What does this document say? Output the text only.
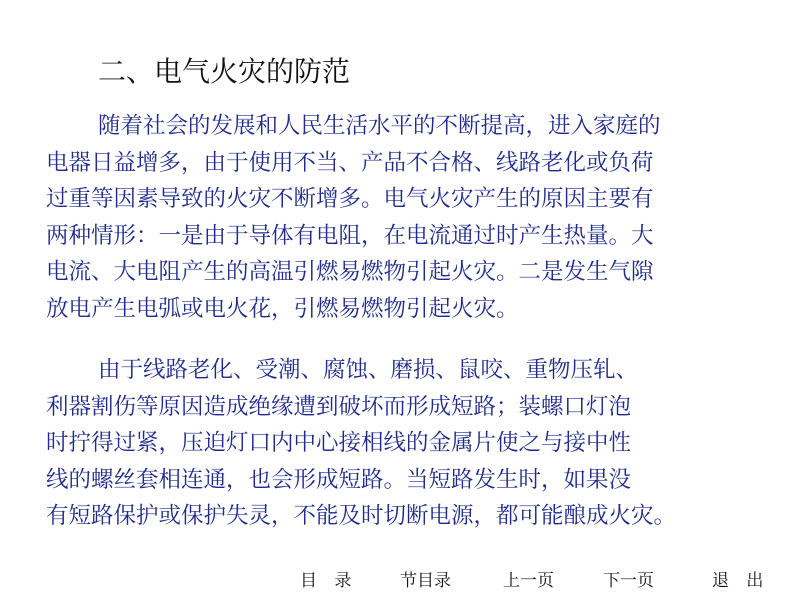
二、电气火灾的防范
随着社会的发展和人民生活水平的不断提高，进入家庭的
电器日益增多，由于使用不当、产品不合格、线路老化或负荷
过重等因素导致的火灾不断增多。电气火灾产生的原因主要有
两种情形：一是由于导体有电阻，在电流通过时产生热量。大
电流、大电阻产生的高温引燃易燃物引起火灾。二是发生气隙
放电产生电弧或电火花，引燃易燃物引起火灾。
由于线路老化、受潮、腐蚀、磨损、鼠咬、重物压轧、
利器割伤等原因造成绝缘遭到破坏而形成短路；装螺口灯泡
时拧得过紧，压迫灯口内中心接相线的金属片使之与接中性
线的螺丝套相连通，也会形成短路。当短路发生时，如果没
有短路保护或保护失灵，不能及时切断电源，都可能酿成火灾。
目 录	节目录	上一页	下一页	退 出
